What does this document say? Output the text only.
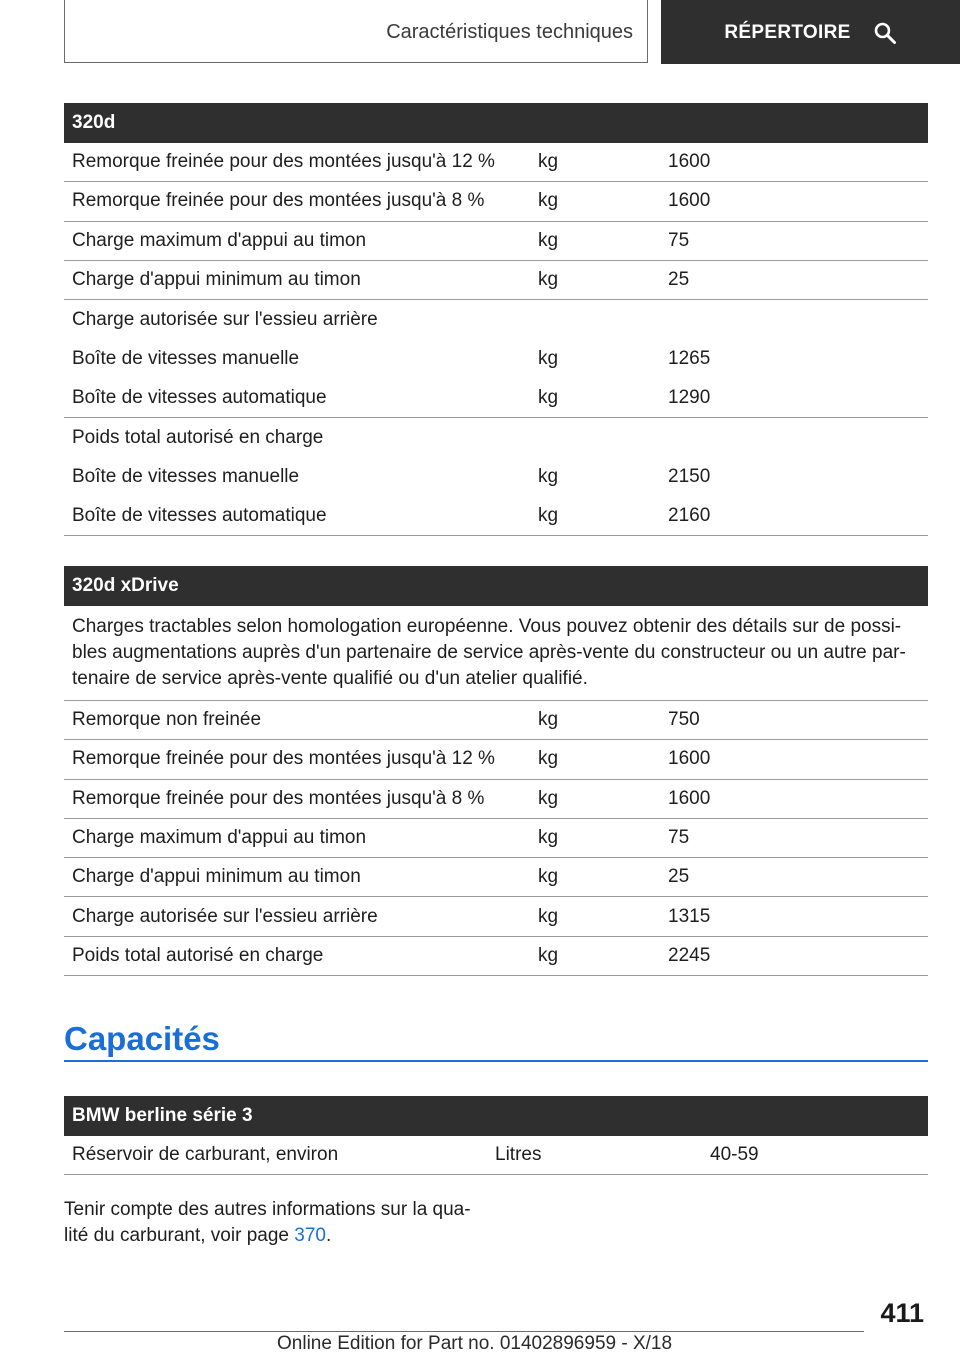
Caractéristiques techniques	RÉPERTOIRE
320d
Remorque freinée pour des montées jusqu'à 12 %	kg	1600
Remorque freinée pour des montées jusqu'à 8 %	kg	1600
Charge maximum d'appui au timon	kg	75
Charge d'appui minimum au timon	kg	25
Charge autorisée sur l'essieu arrière
Boîte de vitesses manuelle	kg	1265
Boîte de vitesses automatique	kg	1290
Poids total autorisé en charge
Boîte de vitesses manuelle	kg	2150
Boîte de vitesses automatique	kg	2160
320d xDrive
Charges tractables selon homologation européenne. Vous pouvez obtenir des détails sur de possi-bles augmentations auprès d'un partenaire de service après-vente du constructeur ou un autre par-tenaire de service après-vente qualifié ou d'un atelier qualifié.
Remorque non freinée	kg	750
Remorque freinée pour des montées jusqu'à 12 %	kg	1600
Remorque freinée pour des montées jusqu'à 8 %	kg	1600
Charge maximum d'appui au timon	kg	75
Charge d'appui minimum au timon	kg	25
Charge autorisée sur l'essieu arrière	kg	1315
Poids total autorisé en charge	kg	2245
Capacités
BMW berline série 3
Réservoir de carburant, environ	Litres	40-59
Tenir compte des autres informations sur la qua-
lité du carburant, voir page 370.
411
Online Edition for Part no. 01402896959 - X/18
